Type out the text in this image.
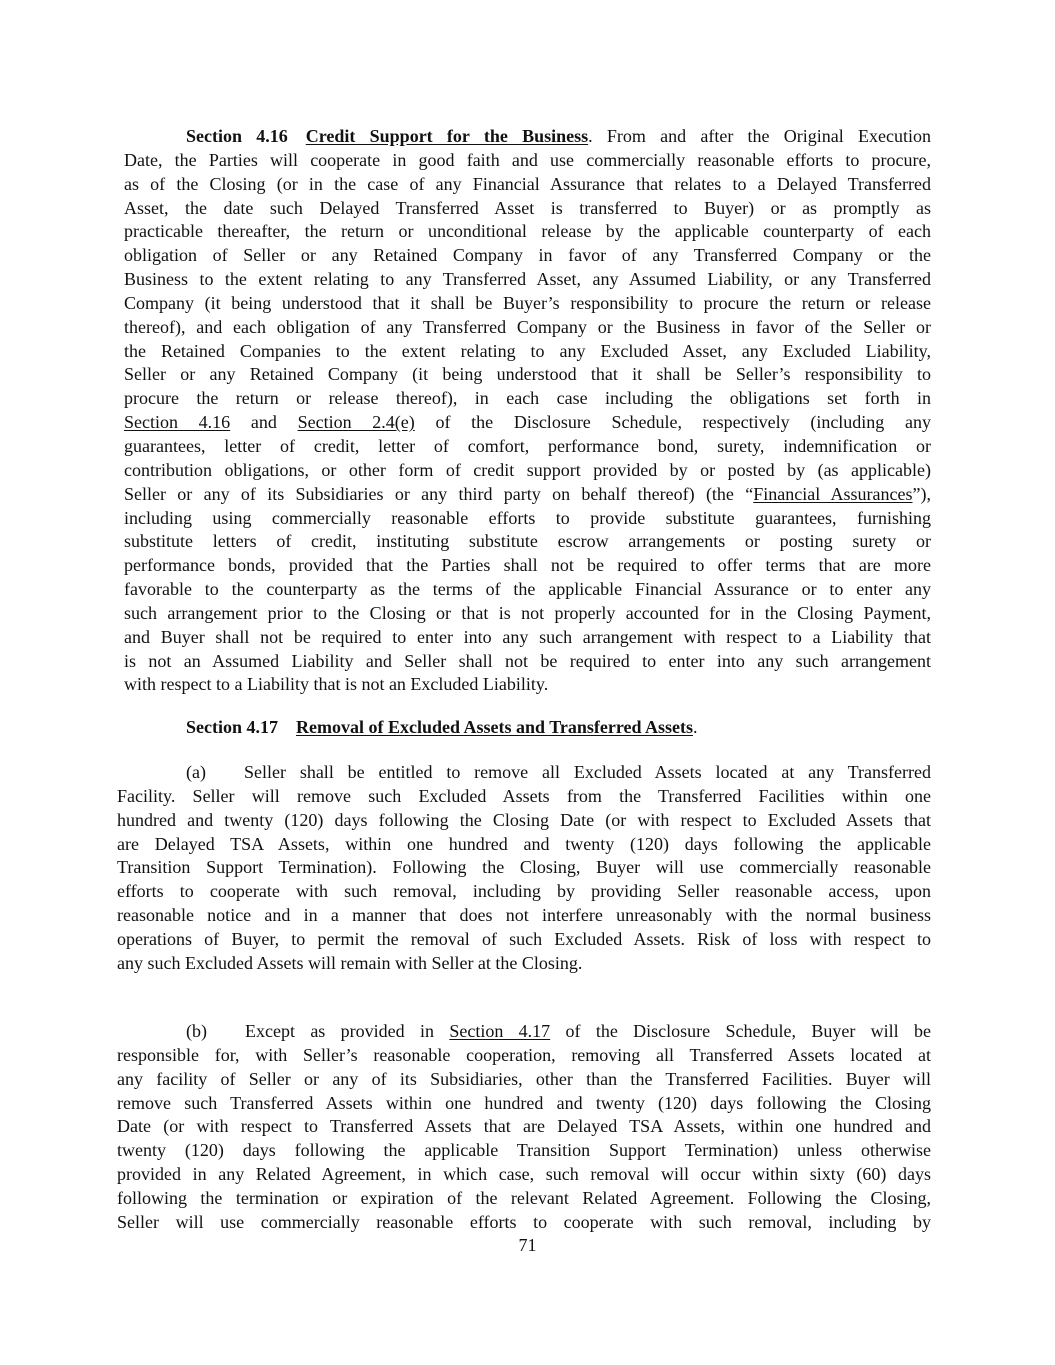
Section 4.16 Credit Support for the Business. From and after the Original Execution
Date, the Parties will cooperate in good faith and use commercially reasonable efforts to procure,
as of the Closing (or in the case of any Financial Assurance that relates to a Delayed Transferred
Asset, the date such Delayed Transferred Asset is transferred to Buyer) or as promptly as
practicable thereafter, the return or unconditional release by the applicable counterparty of each
obligation of Seller or any Retained Company in favor of any Transferred Company or the
Business to the extent relating to any Transferred Asset, any Assumed Liability, or any Transferred
Company (it being understood that it shall be Buyer’s responsibility to procure the return or release
thereof), and each obligation of any Transferred Company or the Business in favor of the Seller or
the Retained Companies to the extent relating to any Excluded Asset, any Excluded Liability,
Seller or any Retained Company (it being understood that it shall be Seller’s responsibility to
procure the return or release thereof), in each case including the obligations set forth in
Section 4.16 and Section 2.4(e) of the Disclosure Schedule, respectively (including any
guarantees, letter of credit, letter of comfort, performance bond, surety, indemnification or
contribution obligations, or other form of credit support provided by or posted by (as applicable)
Seller or any of its Subsidiaries or any third party on behalf thereof) (the “Financial Assurances”),
including using commercially reasonable efforts to provide substitute guarantees, furnishing
substitute letters of credit, instituting substitute escrow arrangements or posting surety or
performance bonds, provided that the Parties shall not be required to offer terms that are more
favorable to the counterparty as the terms of the applicable Financial Assurance or to enter any
such arrangement prior to the Closing or that is not properly accounted for in the Closing Payment,
and Buyer shall not be required to enter into any such arrangement with respect to a Liability that
is not an Assumed Liability and Seller shall not be required to enter into any such arrangement
with respect to a Liability that is not an Excluded Liability.
Section 4.17 Removal of Excluded Assets and Transferred Assets.
(a) Seller shall be entitled to remove all Excluded Assets located at any Transferred
Facility. Seller will remove such Excluded Assets from the Transferred Facilities within one
hundred and twenty (120) days following the Closing Date (or with respect to Excluded Assets that
are Delayed TSA Assets, within one hundred and twenty (120) days following the applicable
Transition Support Termination). Following the Closing, Buyer will use commercially reasonable
efforts to cooperate with such removal, including by providing Seller reasonable access, upon
reasonable notice and in a manner that does not interfere unreasonably with the normal business
operations of Buyer, to permit the removal of such Excluded Assets. Risk of loss with respect to
any such Excluded Assets will remain with Seller at the Closing.
(b) Except as provided in Section 4.17 of the Disclosure Schedule, Buyer will be
responsible for, with Seller’s reasonable cooperation, removing all Transferred Assets located at
any facility of Seller or any of its Subsidiaries, other than the Transferred Facilities. Buyer will
remove such Transferred Assets within one hundred and twenty (120) days following the Closing
Date (or with respect to Transferred Assets that are Delayed TSA Assets, within one hundred and
twenty (120) days following the applicable Transition Support Termination) unless otherwise
provided in any Related Agreement, in which case, such removal will occur within sixty (60) days
following the termination or expiration of the relevant Related Agreement. Following the Closing,
Seller will use commercially reasonable efforts to cooperate with such removal, including by
71
